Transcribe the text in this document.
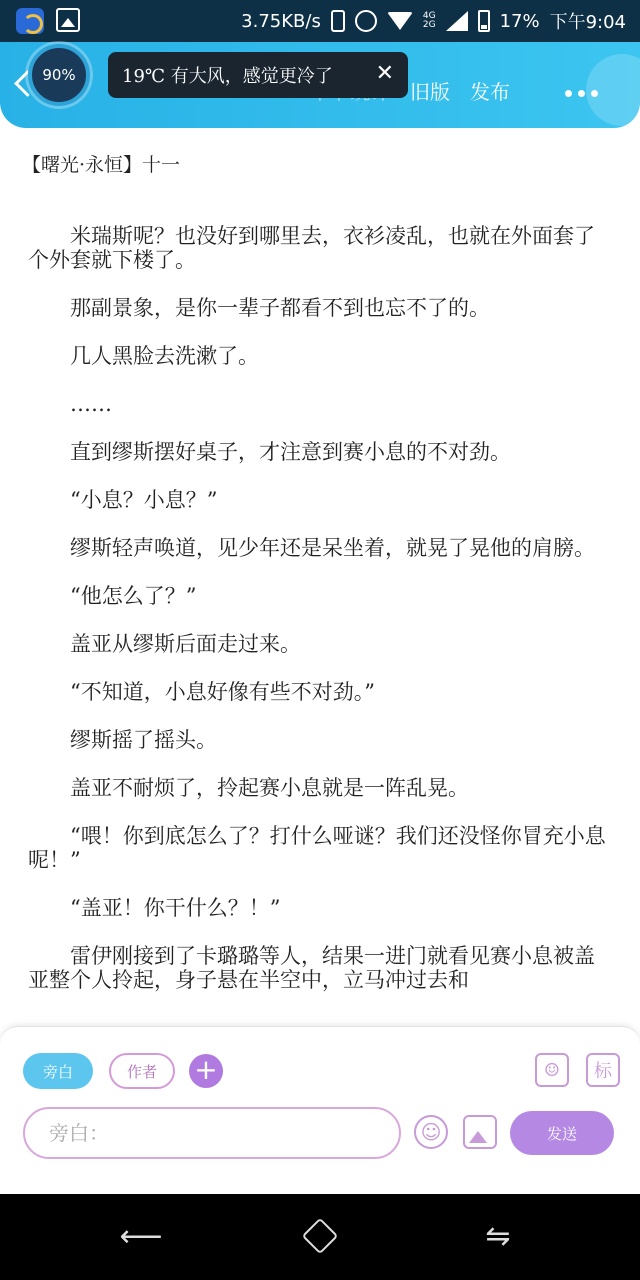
3.75KB/s	4G
2G	17% 下午9:04
旧版 发布
90%	19℃ 有大风，感觉更冷了 ✕
【曙光·永恒】十一

米瑞斯呢？也没好到哪里去，衣衫凌乱，也就在外面套了个外套就下楼了。

那副景象，是你一辈子都看不到也忘不了的。

几人黑脸去洗漱了。

……

直到缪斯摆好桌子，才注意到赛小息的不对劲。

“小息？小息？”

缪斯轻声唤道，见少年还是呆坐着，就晃了晃他的肩膀。

“他怎么了？”

盖亚从缪斯后面走过来。

“不知道，小息好像有些不对劲。”

缪斯摇了摇头。

盖亚不耐烦了，拎起赛小息就是一阵乱晃。

“喂！你到底怎么了？打什么哑谜？我们还没怪你冒充小息呢！”

“盖亚！你干什么？！”

雷伊刚接到了卡璐璐等人，结果一进门就看见赛小息被盖亚整个人拎起，身子悬在半空中，立马冲过去和

旁白	作者	+	☺	标
旁白：
☺	发送
⟵	⇋
